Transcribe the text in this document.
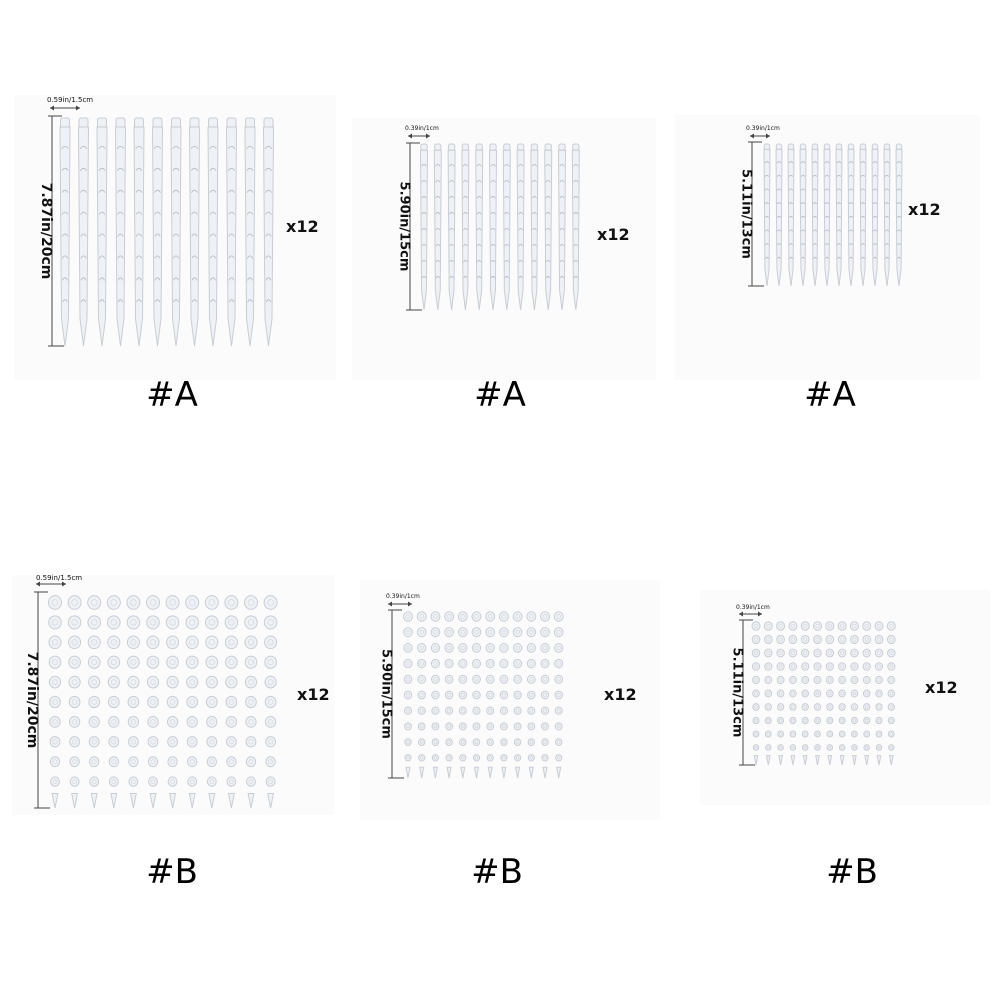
7.87in/20cm
0.59in/1.5cm
x12
#A
5.90in/15cm
0.39in/1cm
x12
#A
5.11in/13cm
0.39in/1cm
x12
#A
7.87in/20cm
0.59in/1.5cm
x12
#B
5.90in/15cm
0.39in/1cm
x12
#B
5.11in/13cm
0.39in/1cm
x12
#B
